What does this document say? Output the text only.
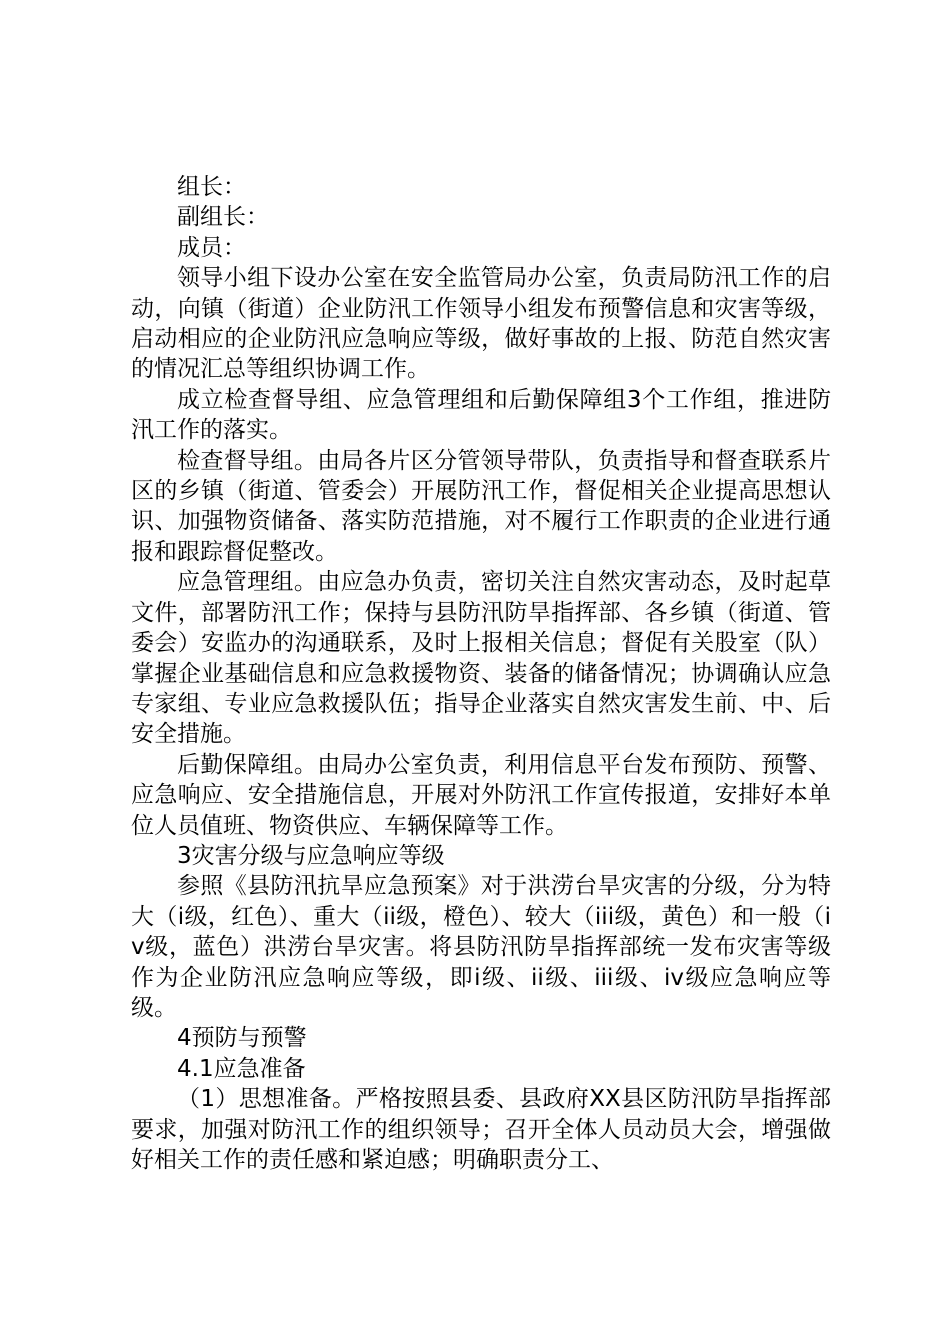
组长：

副组长：

成员：

领导小组下设办公室在安全监管局办公室，负责局防汛工作的启动，向镇（街道）企业防汛工作领导小组发布预警信息和灾害等级，启动相应的企业防汛应急响应等级，做好事故的上报、防范自然灾害的情况汇总等组织协调工作。

成立检查督导组、应急管理组和后勤保障组3个工作组，推进防汛工作的落实。

检查督导组。由局各片区分管领导带队，负责指导和督查联系片区的乡镇（街道、管委会）开展防汛工作，督促相关企业提高思想认识、加强物资储备、落实防范措施，对不履行工作职责的企业进行通报和跟踪督促整改。

应急管理组。由应急办负责，密切关注自然灾害动态，及时起草文件，部署防汛工作；保持与县防汛防旱指挥部、各乡镇（街道、管委会）安监办的沟通联系，及时上报相关信息；督促有关股室（队）掌握企业基础信息和应急救援物资、装备的储备情况；协调确认应急专家组、专业应急救援队伍；指导企业落实自然灾害发生前、中、后安全措施。

后勤保障组。由局办公室负责，利用信息平台发布预防、预警、应急响应、安全措施信息，开展对外防汛工作宣传报道，安排好本单位人员值班、物资供应、车辆保障等工作。

3灾害分级与应急响应等级

参照《县防汛抗旱应急预案》对于洪涝台旱灾害的分级，分为特大（i级，红色）、重大（ii级，橙色）、较大（iii级，黄色）和一般（iv级，蓝色）洪涝台旱灾害。将县防汛防旱指挥部统一发布灾害等级作为企业防汛应急响应等级，即i级、ii级、iii级、iv级应急响应等级。

4预防与预警

4.1应急准备

（1）思想准备。严格按照县委、县政府XX县区防汛防旱指挥部要求，加强对防汛工作的组织领导；召开全体人员动员大会，增强做好相关工作的责任感和紧迫感；明确职责分工、
